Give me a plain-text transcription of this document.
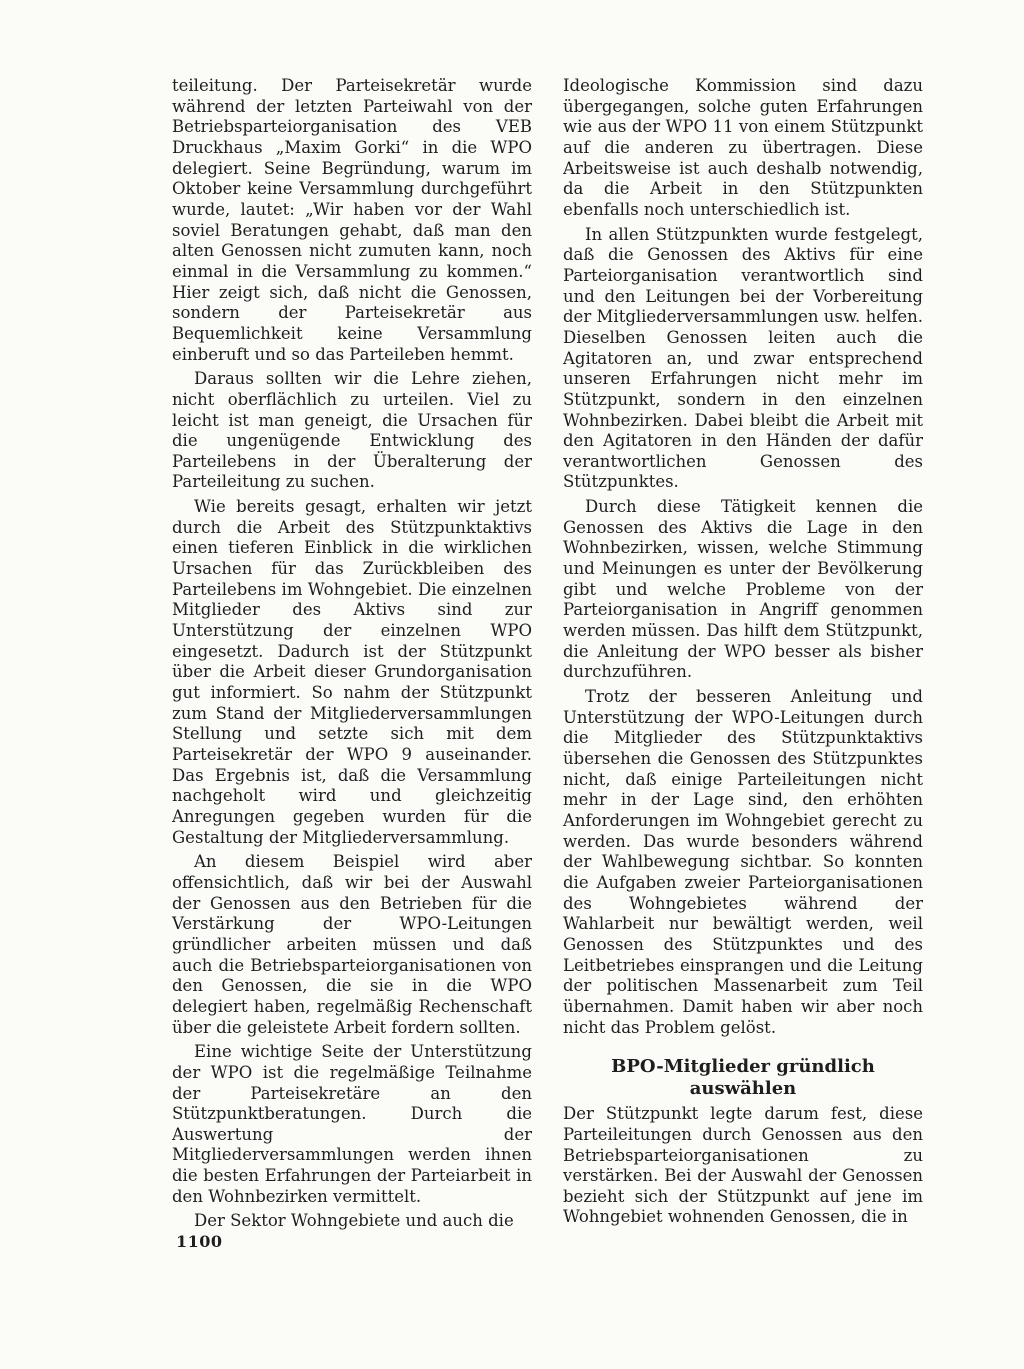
teileitung. Der Parteisekretär wurde während der letzten Parteiwahl von der Betriebsparteiorganisation des VEB Druckhaus „Maxim Gorki“ in die WPO delegiert. Seine Begründung, warum im Oktober keine Versammlung durchgeführt wurde, lautet: „Wir haben vor der Wahl soviel Beratungen gehabt, daß man den alten Genossen nicht zumuten kann, noch einmal in die Versammlung zu kommen.“ Hier zeigt sich, daß nicht die Genossen, sondern der Parteisekretär aus Bequemlichkeit keine Versammlung einberuft und so das Parteileben hemmt.

Daraus sollten wir die Lehre ziehen, nicht oberflächlich zu urteilen. Viel zu leicht ist man geneigt, die Ursachen für die ungenügende Entwicklung des Parteilebens in der Überalterung der Parteileitung zu suchen.

Wie bereits gesagt, erhalten wir jetzt durch die Arbeit des Stützpunktaktivs einen tieferen Einblick in die wirklichen Ursachen für das Zurückbleiben des Parteilebens im Wohngebiet. Die einzelnen Mitglieder des Aktivs sind zur Unterstützung der einzelnen WPO eingesetzt. Dadurch ist der Stützpunkt über die Arbeit dieser Grundorganisation gut informiert. So nahm der Stützpunkt zum Stand der Mitgliederversammlungen Stellung und setzte sich mit dem Parteisekretär der WPO 9 auseinander. Das Ergebnis ist, daß die Versammlung nachgeholt wird und gleichzeitig Anregungen gegeben wurden für die Gestaltung der Mitgliederversammlung.

An diesem Beispiel wird aber offensichtlich, daß wir bei der Auswahl der Genossen aus den Betrieben für die Verstärkung der WPO-Leitungen gründlicher arbeiten müssen und daß auch die Betriebsparteiorganisationen von den Genossen, die sie in die WPO delegiert haben, regelmäßig Rechenschaft über die geleistete Arbeit fordern sollten.

Eine wichtige Seite der Unterstützung der WPO ist die regelmäßige Teilnahme der Parteisekretäre an den Stützpunktberatungen. Durch die Auswertung der Mitgliederversammlungen werden ihnen die besten Erfahrungen der Parteiarbeit in den Wohnbezirken vermittelt.

Der Sektor Wohngebiete und auch die

Ideologische Kommission sind dazu übergegangen, solche guten Erfahrungen wie aus der WPO 11 von einem Stützpunkt auf die anderen zu übertragen. Diese Arbeitsweise ist auch deshalb notwendig, da die Arbeit in den Stützpunkten ebenfalls noch unterschiedlich ist.

In allen Stützpunkten wurde festgelegt, daß die Genossen des Aktivs für eine Parteiorganisation verantwortlich sind und den Leitungen bei der Vorbereitung der Mitgliederversammlungen usw. helfen. Dieselben Genossen leiten auch die Agitatoren an, und zwar entsprechend unseren Erfahrungen nicht mehr im Stützpunkt, sondern in den einzelnen Wohnbezirken. Dabei bleibt die Arbeit mit den Agitatoren in den Händen der dafür verantwortlichen Genossen des Stützpunktes.

Durch diese Tätigkeit kennen die Genossen des Aktivs die Lage in den Wohnbezirken, wissen, welche Stimmung und Meinungen es unter der Bevölkerung gibt und welche Probleme von der Parteiorganisation in Angriff genommen werden müssen. Das hilft dem Stützpunkt, die Anleitung der WPO besser als bisher durchzuführen.

Trotz der besseren Anleitung und Unterstützung der WPO-Leitungen durch die Mitglieder des Stützpunktaktivs übersehen die Genossen des Stützpunktes nicht, daß einige Parteileitungen nicht mehr in der Lage sind, den erhöhten Anforderungen im Wohngebiet gerecht zu werden. Das wurde besonders während der Wahlbewegung sichtbar. So konnten die Aufgaben zweier Parteiorganisationen des Wohngebietes während der Wahlarbeit nur bewältigt werden, weil Genossen des Stützpunktes und des Leitbetriebes einsprangen und die Leitung der politischen Massenarbeit zum Teil übernahmen. Damit haben wir aber noch nicht das Problem gelöst.

BPO-Mitglieder gründlich auswählen

Der Stützpunkt legte darum fest, diese Parteileitungen durch Genossen aus den Betriebsparteiorganisationen zu verstärken. Bei der Auswahl der Genossen bezieht sich der Stützpunkt auf jene im Wohngebiet wohnenden Genossen, die in

1100
